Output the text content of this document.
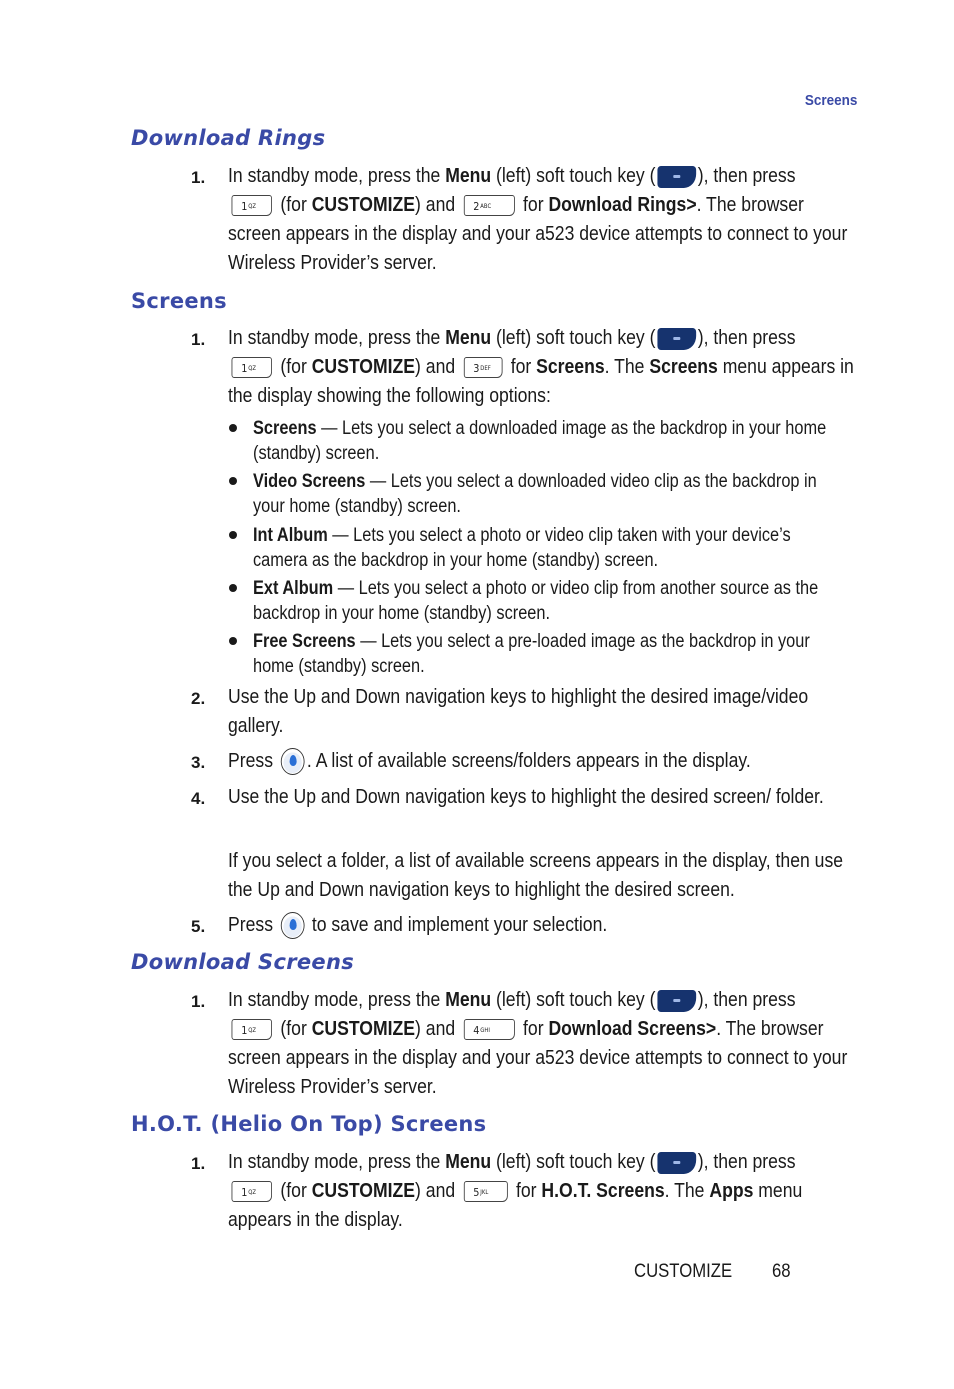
Screens
Download Rings
1. In standby mode, press the Menu (left) soft touch key ( ), then press
$1^{QZ}$ (for CUSTOMIZE) and $2^{ABC}$ for Download Rings>. The browser screen appears in the display and your a523 device attempts to connect to your Wireless Provider’s server.
Screens
1. In standby mode, press the Menu (left) soft touch key ( ), then press
$1^{QZ}$ (for CUSTOMIZE) and $3^{DEF}$ for Screens. The Screens menu appears in the display showing the following options:
Screens — Lets you select a downloaded image as the backdrop in your home (standby) screen.
Video Screens — Lets you select a downloaded video clip as the backdrop in your home (standby) screen.
Int Album — Lets you select a photo or video clip taken with your device’s camera as the backdrop in your home (standby) screen.
Ext Album — Lets you select a photo or video clip from another source as the backdrop in your home (standby) screen.
Free Screens — Lets you select a pre-loaded image as the backdrop in your home (standby) screen.
2. Use the Up and Down navigation keys to highlight the desired image/video gallery.
3. Press . A list of available screens/folders appears in the display.
4. Use the Up and Down navigation keys to highlight the desired screen/ folder.
If you select a folder, a list of available screens appears in the display, then use the Up and Down navigation keys to highlight the desired screen.
5. Press  to save and implement your selection.
Download Screens
1. In standby mode, press the Menu (left) soft touch key ( ), then press
$1^{QZ}$ (for CUSTOMIZE) and $4^{GHI}$ for Download Screens>. The browser screen appears in the display and your a523 device attempts to connect to your Wireless Provider’s server.
H.O.T. (Helio On Top) Screens
1. In standby mode, press the Menu (left) soft touch key ( ), then press
$1^{QZ}$ (for CUSTOMIZE) and $5^{JKL}$ for H.O.T. Screens. The Apps menu appears in the display.
CUSTOMIZE 68
